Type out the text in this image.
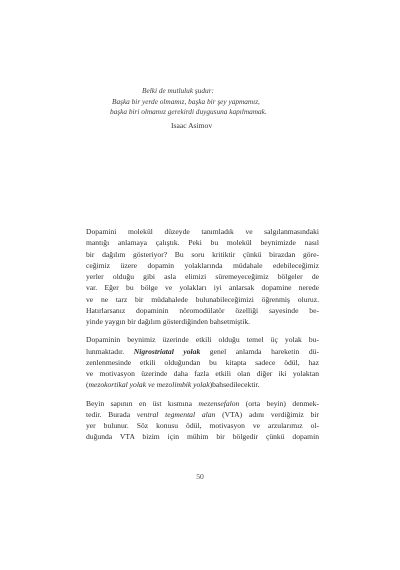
Belki de mutluluk şudur:
Başka bir yerde olmamız, başka bir şey yapmamız,
başka biri olmamız gerekirdi duygusuna kapılmamak.
Isaac Asimov
Dopamini molekül düzeyde tanımladık ve salgılanmasındaki
mantığı anlamaya çalıştık. Peki bu molekül beynimizde nasıl
bir dağılım gösteriyor? Bu soru kritiktir çünkü birazdan göre-
ceğimiz üzere dopamin yolaklarında müdahale edebileceğimiz
yerler olduğu gibi asla elimizi süremeyeceğimiz bölgeler de
var. Eğer bu bölge ve yolakları iyi anlarsak dopamine nerede
ve ne tarz bir müdahalede bulunabileceğimizi öğrenmiş oluruz.
Hatırlarsanız dopaminin nöromodülatör özelliği sayesinde be-
yinde yaygın bir dağılım gösterdiğinden bahsetmiştik.
Dopaminin beynimiz üzerinde etkili olduğu temel üç yolak bu-
lunmaktadır. Nigrostriatal yolak genel anlamda hareketin dü-
zenlenmesinde etkili olduğundan bu kitapta sadece ödül, haz
ve motivasyon üzerinde daha fazla etkili olan diğer iki yolaktan
(mezokortikal yolak ve mezolimbik yolak)bahsedilecektir.
Beyin sapının en üst kısmına mezensefalon (orta beyin) denmek-
tedir. Burada ventral tegmental alan (VTA) adını verdiğimiz bir
yer bulunur. Söz konusu ödül, motivasyon ve arzularımız ol-
duğunda VTA bizim için mühim bir bölgedir çünkü dopamin
50
